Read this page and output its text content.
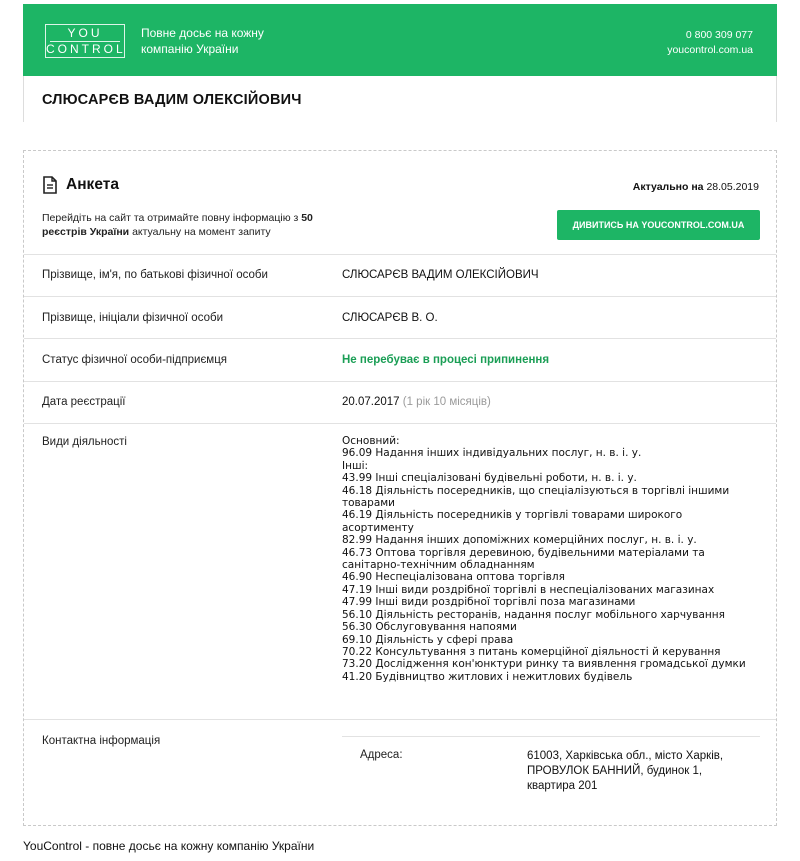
YOU
CONTROL
Повне досьє на кожну компанію України
0 800 309 077
youcontrol.com.ua
СЛЮСАРЄВ ВАДИМ ОЛЕКСІЙОВИЧ
Анкета	Актуально на 28.05.2019
Перейдіть на сайт та отримайте повну інформацію з 50 реєстрів України актуальну на момент запиту
ДИВИТИСЬ НА YOUCONTROL.COM.UA
Прізвище, ім'я, по батькові фізичної особи	СЛЮСАРЄВ ВАДИМ ОЛЕКСІЙОВИЧ
Прізвище, ініціали фізичної особи	СЛЮСАРЄВ В. О.
Статус фізичної особи-підприємця	Не перебуває в процесі припинення
Дата реєстрації	20.07.2017 (1 рік 10 місяців)
Види діяльності	Основний:
96.09 Надання інших індивідуальних послуг, н. в. і. у.
Інші:
43.99 Інші спеціалізовані будівельні роботи, н. в. і. у.
46.18 Діяльність посередників, що спеціалізуються в торгівлі іншими
товарами
46.19 Діяльність посередників у торгівлі товарами широкого
асортименту
82.99 Надання інших допоміжних комерційних послуг, н. в. і. у.
46.73 Оптова торгівля деревиною, будівельними матеріалами та
санітарно-технічним обладнанням
46.90 Неспеціалізована оптова торгівля
47.19 Інші види роздрібної торгівлі в неспеціалізованих магазинах
47.99 Інші види роздрібної торгівлі поза магазинами
56.10 Діяльність ресторанів, надання послуг мобільного харчування
56.30 Обслуговування напоями
69.10 Діяльність у сфері права
70.22 Консультування з питань комерційної діяльності й керування
73.20 Дослідження кон'юнктури ринку та виявлення громадської думки
41.20 Будівництво житлових і нежитлових будівель
Контактна інформація
Адреса:	61003, Харківська обл., місто Харків,
ПРОВУЛОК БАННИЙ, будинок 1,
квартира 201
YouControl - повне досьє на кожну компанію України
